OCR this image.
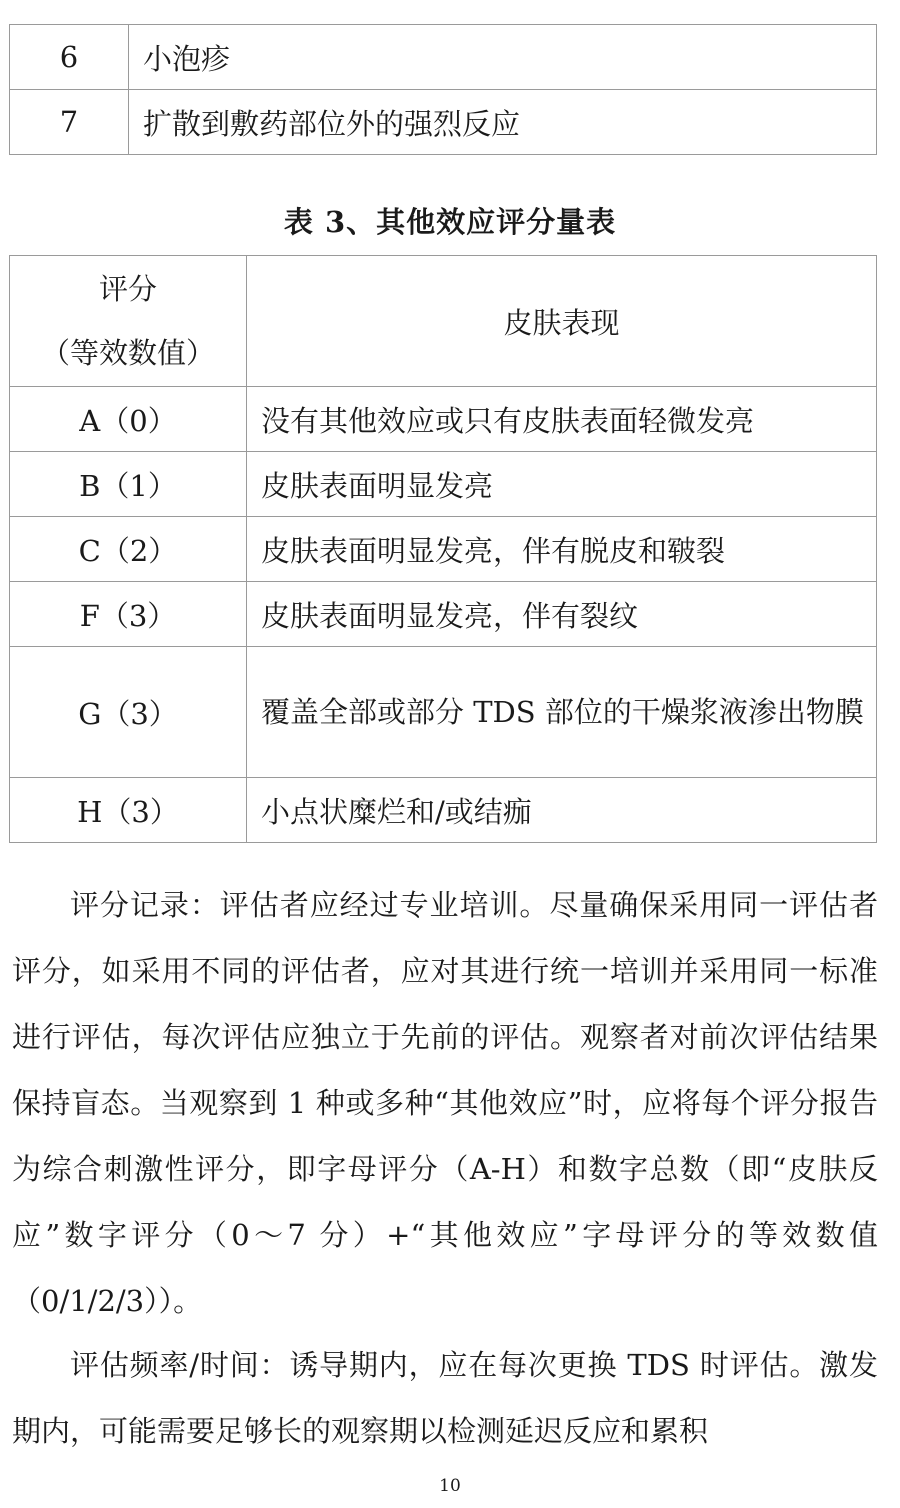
6	小泡疹
7	扩散到敷药部位外的强烈反应
表 3、其他效应评分量表
评分
（等效数值）	皮肤表现
A（0）	没有其他效应或只有皮肤表面轻微发亮
B（1）	皮肤表面明显发亮
C（2）	皮肤表面明显发亮，伴有脱皮和皲裂
F（3）	皮肤表面明显发亮，伴有裂纹
G（3）	覆盖全部或部分 TDS 部位的干燥浆液渗出物膜
H（3）	小点状糜烂和/或结痂

评分记录：评估者应经过专业培训。尽量确保采用同一评估者评分，如采用不同的评估者，应对其进行统一培训并采用同一标准进行评估，每次评估应独立于先前的评估。观察者对前次评估结果保持盲态。当观察到 1 种或多种“其他效应”时，应将每个评分报告为综合刺激性评分，即字母评分（A-H）和数字总数（即“皮肤反应”数字评分（0～7 分）+“其他效应”字母评分的等效数值（0/1/2/3））。

评估频率/时间：诱导期内，应在每次更换 TDS 时评估。激发期内，可能需要足够长的观察期以检测延迟反应和累积

10
